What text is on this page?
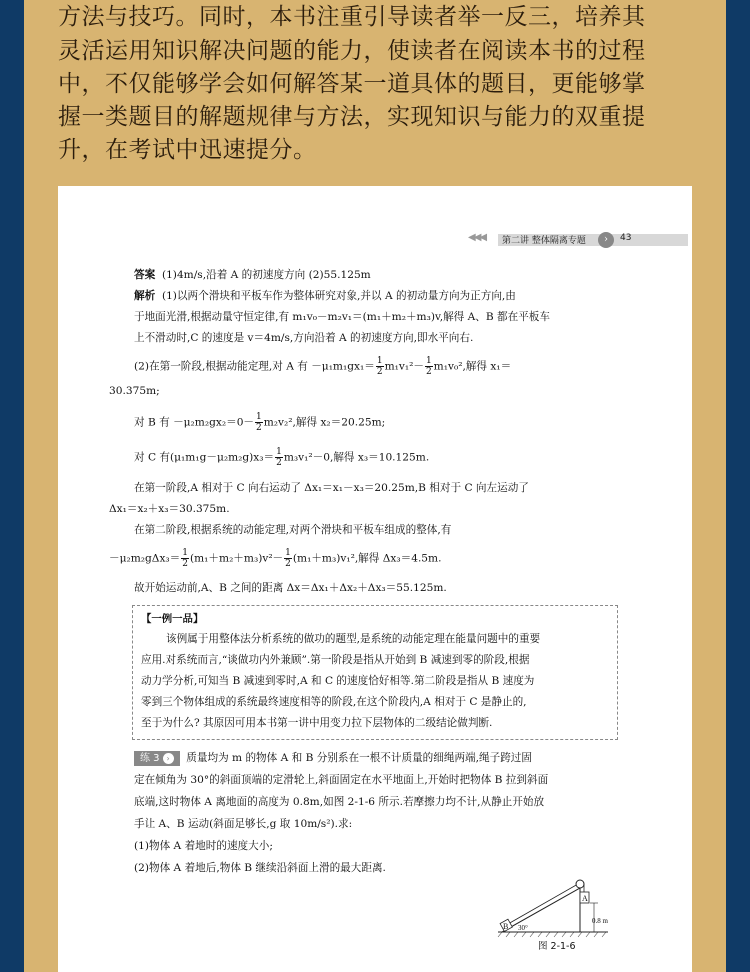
方法与技巧。同时，本书注重引导读者举一反三，培养其
灵活运用知识解决问题的能力，使读者在阅读本书的过程
中，不仅能够学会如何解答某一道具体的题目，更能够掌
握一类题目的解题规律与方法，实现知识与能力的双重提
升，在考试中迅速提分。
◀◀◀ 第二讲 整体隔离专题	›	43
答案 (1)4m/s,沿着 A 的初速度方向 (2)55.125m
解析 (1)以两个滑块和平板车作为整体研究对象,并以 A 的初动量方向为正方向,由
于地面光滑,根据动量守恒定律,有 m₁v₀－m₂v₁＝(m₁＋m₂＋m₃)v,解得 A、B 都在平板车
上不滑动时,C 的速度是 v＝4m/s,方向沿着 A 的初速度方向,即水平向右.
(2)在第一阶段,根据动能定理,对 A 有 $-\mu_1m_1gx_1= \frac{1}{2} m_1v_1^2- \frac{1}{2} m_1v_0^2$,解得 x₁＝
30.375m;
对 B 有 $-\mu_2m_2gx_2=0- \frac{1}{2} m_2v_2^2$,解得 x₂＝20.25m;
对 C 有$(\mu_1m_1g-\mu_2m_2g)x_3= \frac{1}{2} m_3v_1^2-0$,解得 x₃＝10.125m.
在第一阶段,A 相对于 C 向右运动了 Δx₁＝x₁－x₃＝20.25m,B 相对于 C 向左运动了
Δx₁＝x₂＋x₃＝30.375m.
在第二阶段,根据系统的动能定理,对两个滑块和平板车组成的整体,有
$-\mu_2m_2g\Delta x_3= \frac{1}{2} (m_1+m_2+m_3)v^2- \frac{1}{2} (m_1+m_3)v_1^2$,解得 Δx₃＝4.5m.
故开始运动前,A、B 之间的距离 Δx＝Δx₁＋Δx₂＋Δx₃＝55.125m.
【一例一品】
该例属于用整体法分析系统的做功的题型,是系统的动能定理在能量问题中的重要
应用.对系统而言,“谈做功内外兼顾”.第一阶段是指从开始到 B 减速到零的阶段,根据
动力学分析,可知当 B 减速到零时,A 和 C 的速度恰好相等.第二阶段是指从 B 速度为
零到三个物体组成的系统最终速度相等的阶段,在这个阶段内,A 相对于 C 是静止的,
至于为什么? 其原因可用本书第一讲中用变力拉下层物体的二级结论做判断.
练 3 › 质量均为 m 的物体 A 和 B 分别系在一根不计质量的细绳两端,绳子跨过固
定在倾角为 30°的斜面顶端的定滑轮上,斜面固定在水平地面上,开始时把物体 B 拉到斜面
底端,这时物体 A 离地面的高度为 0.8m,如图 2-1-6 所示.若摩擦力均不计,从静止开始放
手让 A、B 运动(斜面足够长,g 取 10m/s²).求:
(1)物体 A 着地时的速度大小;
(2)物体 A 着地后,物体 B 继续沿斜面上滑的最大距离.
A
B 30°
0.8 m
图 2-1-6
